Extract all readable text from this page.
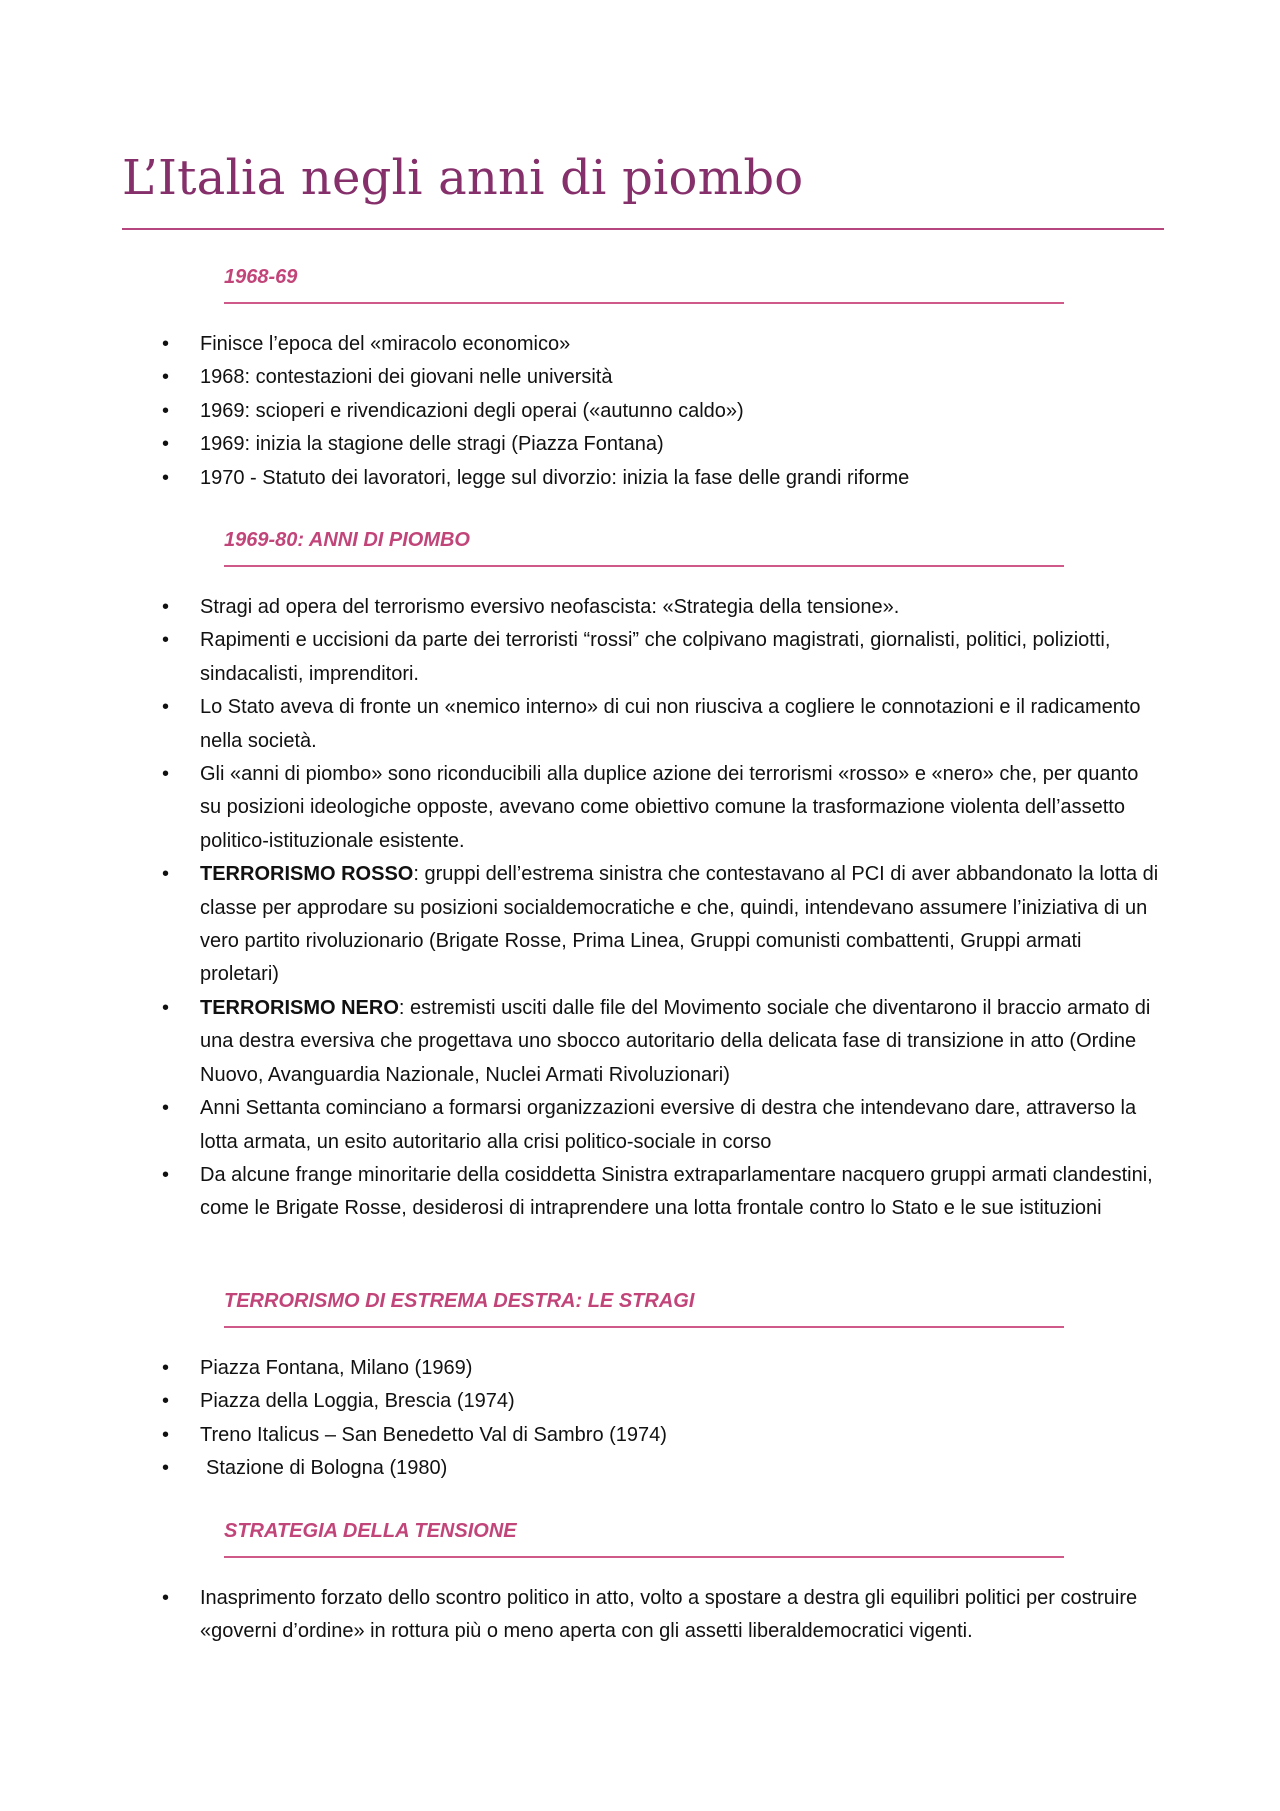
L’Italia negli anni di piombo
1968-69
• Finisce l’epoca del «miracolo economico»
• 1968: contestazioni dei giovani nelle università
• 1969: scioperi e rivendicazioni degli operai («autunno caldo»)
• 1969: inizia la stagione delle stragi (Piazza Fontana)
• 1970 - Statuto dei lavoratori, legge sul divorzio: inizia la fase delle grandi riforme
1969-80: ANNI DI PIOMBO
• Stragi ad opera del terrorismo eversivo neofascista: «Strategia della tensione».
• Rapimenti e uccisioni da parte dei terroristi “rossi” che colpivano magistrati, giornalisti, politici, poliziotti, sindacalisti, imprenditori.
• Lo Stato aveva di fronte un «nemico interno» di cui non riusciva a cogliere le connotazioni e il radicamento nella società.
• Gli «anni di piombo» sono riconducibili alla duplice azione dei terrorismi «rosso» e «nero» che, per quanto su posizioni ideologiche opposte, avevano come obiettivo comune la trasformazione violenta dell’assetto politico-istituzionale esistente.
• TERRORISMO ROSSO: gruppi dell’estrema sinistra che contestavano al PCI di aver abbandonato la lotta di classe per approdare su posizioni socialdemocratiche e che, quindi, intendevano assumere l’iniziativa di un vero partito rivoluzionario (Brigate Rosse, Prima Linea, Gruppi comunisti combattenti, Gruppi armati proletari)
• TERRORISMO NERO: estremisti usciti dalle file del Movimento sociale che diventarono il braccio armato di una destra eversiva che progettava uno sbocco autoritario della delicata fase di transizione in atto (Ordine Nuovo, Avanguardia Nazionale, Nuclei Armati Rivoluzionari)
• Anni Settanta cominciano a formarsi organizzazioni eversive di destra che intendevano dare, attraverso la lotta armata, un esito autoritario alla crisi politico-sociale in corso
• Da alcune frange minoritarie della cosiddetta Sinistra extraparlamentare nacquero gruppi armati clandestini, come le Brigate Rosse, desiderosi di intraprendere una lotta frontale contro lo Stato e le sue istituzioni
TERRORISMO DI ESTREMA DESTRA: LE STRAGI
• Piazza Fontana, Milano (1969)
• Piazza della Loggia, Brescia (1974)
• Treno Italicus – San Benedetto Val di Sambro (1974)
• Stazione di Bologna (1980)
STRATEGIA DELLA TENSIONE
• Inasprimento forzato dello scontro politico in atto, volto a spostare a destra gli equilibri politici per costruire «governi d’ordine» in rottura più o meno aperta con gli assetti liberaldemocratici vigenti.
